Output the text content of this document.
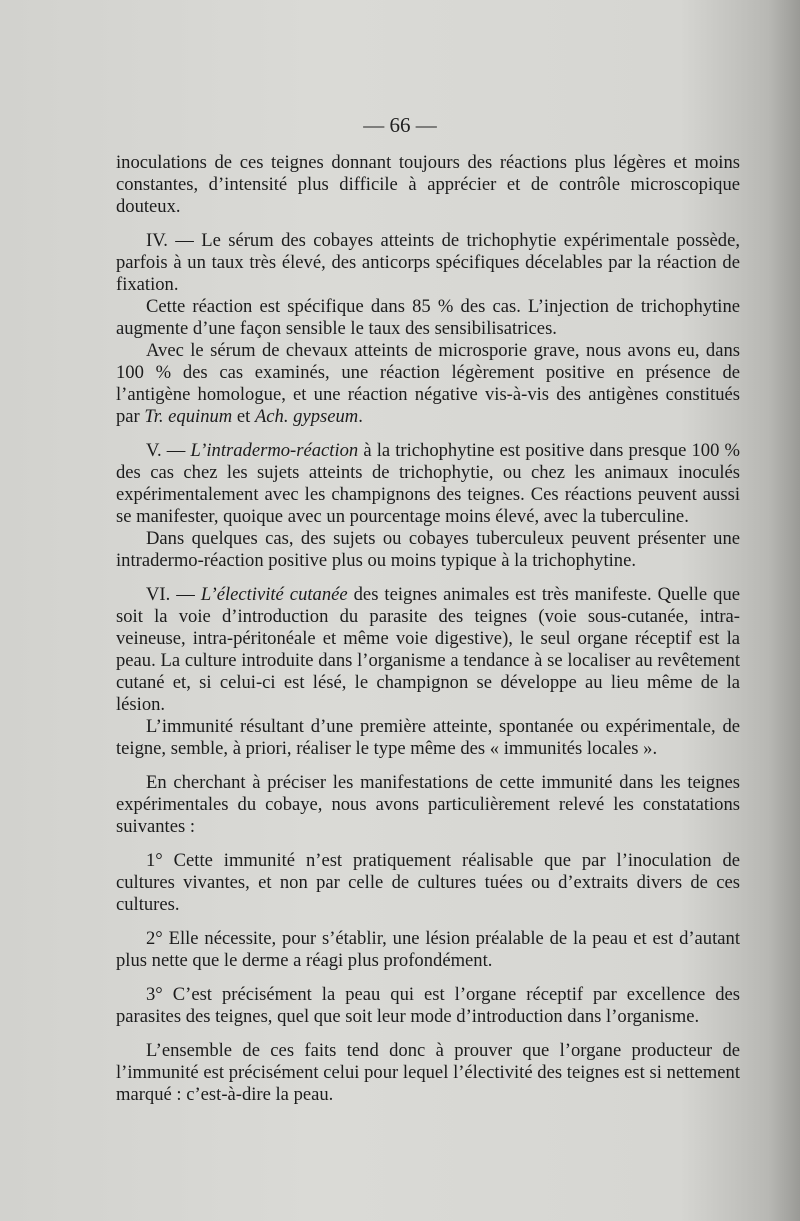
— 66 —

inoculations de ces teignes donnant toujours des réactions plus légères et moins constantes, d’intensité plus difficile à apprécier et de contrôle microscopique douteux.

IV. — Le sérum des cobayes atteints de trichophytie expérimentale possède, parfois à un taux très élevé, des anticorps spécifiques décelables par la réaction de fixation.

Cette réaction est spécifique dans 85 % des cas. L’injection de trichophytine augmente d’une façon sensible le taux des sensibilisatrices.

Avec le sérum de chevaux atteints de microsporie grave, nous avons eu, dans 100 % des cas examinés, une réaction légèrement positive en présence de l’antigène homologue, et une réaction négative vis-à-vis des antigènes constitués par Tr. equinum et Ach. gypseum.

V. — L’intradermo-réaction à la trichophytine est positive dans presque 100 % des cas chez les sujets atteints de trichophytie, ou chez les animaux inoculés expérimentalement avec les champignons des teignes. Ces réactions peuvent aussi se manifester, quoique avec un pourcentage moins élevé, avec la tuberculine.

Dans quelques cas, des sujets ou cobayes tuberculeux peuvent présenter une intradermo-réaction positive plus ou moins typique à la trichophytine.

VI. — L’électivité cutanée des teignes animales est très manifeste. Quelle que soit la voie d’introduction du parasite des teignes (voie sous-cutanée, intra-veineuse, intra-péritonéale et même voie digestive), le seul organe réceptif est la peau. La culture introduite dans l’organisme a tendance à se localiser au revêtement cutané et, si celui-ci est lésé, le champignon se développe au lieu même de la lésion.

L’immunité résultant d’une première atteinte, spontanée ou expérimentale, de teigne, semble, à priori, réaliser le type même des « immunités locales ».

En cherchant à préciser les manifestations de cette immunité dans les teignes expérimentales du cobaye, nous avons particulièrement relevé les constatations suivantes :

1° Cette immunité n’est pratiquement réalisable que par l’inoculation de cultures vivantes, et non par celle de cultures tuées ou d’extraits divers de ces cultures.

2° Elle nécessite, pour s’établir, une lésion préalable de la peau et est d’autant plus nette que le derme a réagi plus profondément.

3° C’est précisément la peau qui est l’organe réceptif par excellence des parasites des teignes, quel que soit leur mode d’introduction dans l’organisme.

L’ensemble de ces faits tend donc à prouver que l’organe producteur de l’immunité est précisément celui pour lequel l’électivité des teignes est si nettement marqué : c’est-à-dire la peau.
